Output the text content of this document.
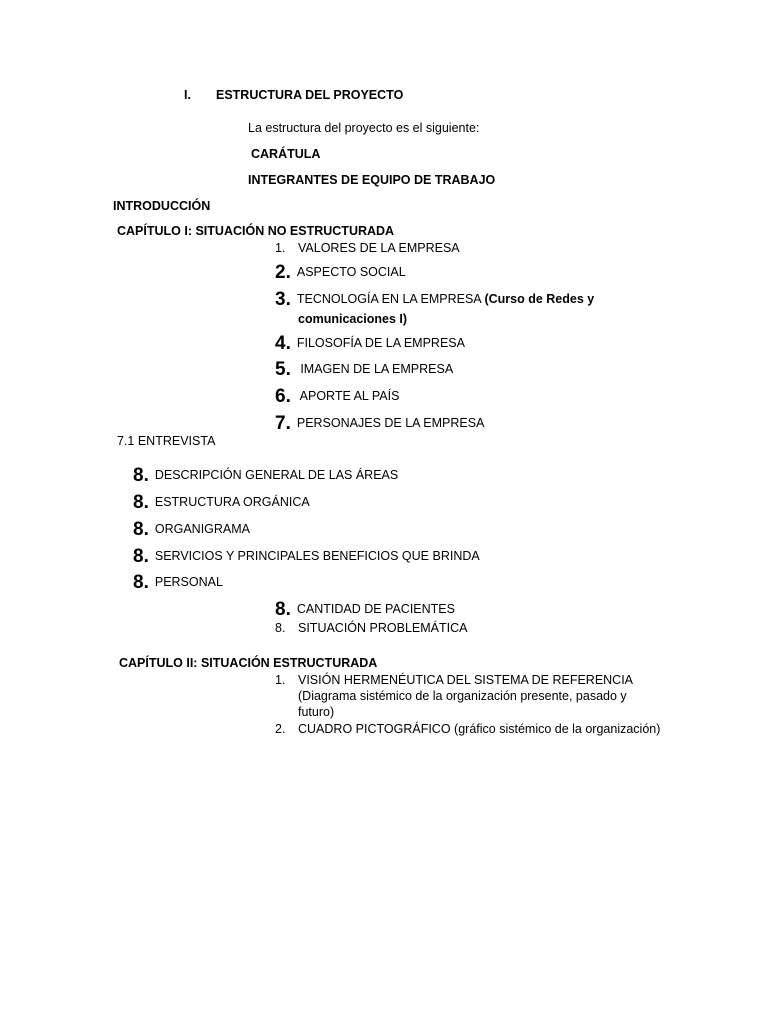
I. ESTRUCTURA DEL PROYECTO
La estructura del proyecto es el siguiente:
CARÁTULA
INTEGRANTES DE EQUIPO DE TRABAJO
INTRODUCCIÓN
CAPÍTULO I: SITUACIÓN NO ESTRUCTURADA
1. VALORES DE LA EMPRESA
2. ASPECTO SOCIAL
3. TECNOLOGÍA EN LA EMPRESA (Curso de Redes y
comunicaciones I)
4. FILOSOFÍA DE LA EMPRESA
5. IMAGEN DE LA EMPRESA
6. APORTE AL PAÍS
7. PERSONAJES DE LA EMPRESA
7.1 ENTREVISTA
8. DESCRIPCIÓN GENERAL DE LAS ÁREAS
8. ESTRUCTURA ORGÁNICA
8. ORGANIGRAMA
8. SERVICIOS Y PRINCIPALES BENEFICIOS QUE BRINDA
8. PERSONAL
8. CANTIDAD DE PACIENTES
8. SITUACIÓN PROBLEMÁTICA
CAPÍTULO II: SITUACIÓN ESTRUCTURADA
1. VISIÓN HERMENÉUTICA DEL SISTEMA DE REFERENCIA
(Diagrama sistémico de la organización presente, pasado y
futuro)
2. CUADRO PICTOGRÁFICO (gráfico sistémico de la organización)
